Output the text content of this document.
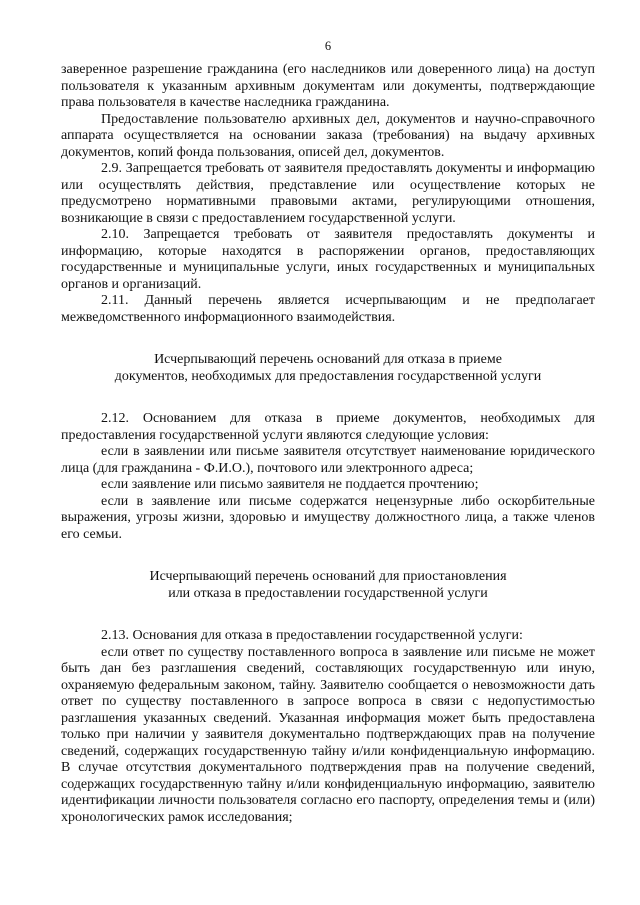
6

заверенное разрешение гражданина (его наследников или доверенного лица) на доступ пользователя к указанным архивным документам или документы, подтверждающие права пользователя в качестве наследника гражданина.

Предоставление пользователю архивных дел, документов и научно-справочного аппарата осуществляется на основании заказа (требования) на выдачу архивных документов, копий фонда пользования, описей дел, документов.

2.9. Запрещается требовать от заявителя предоставлять документы и информацию или осуществлять действия, представление или осуществление которых не предусмотрено нормативными правовыми актами, регулирующими отношения, возникающие в связи с предоставлением государственной услуги.

2.10. Запрещается требовать от заявителя предоставлять документы и информацию, которые находятся в распоряжении органов, предоставляющих государственные и муниципальные услуги, иных государственных и муниципальных органов и организаций.

2.11. Данный перечень является исчерпывающим и не предполагает межведомственного информационного взаимодействия.

Исчерпывающий перечень оснований для отказа в приеме
документов, необходимых для предоставления государственной услуги

2.12. Основанием для отказа в приеме документов, необходимых для предоставления государственной услуги являются следующие условия:

если в заявлении или письме заявителя отсутствует наименование юридического лица (для гражданина - Ф.И.О.), почтового или электронного адреса;

если заявление или письмо заявителя не поддается прочтению;

если в заявление или письме содержатся нецензурные либо оскорбительные выражения, угрозы жизни, здоровью и имуществу должностного лица, а также членов его семьи.

Исчерпывающий перечень оснований для приостановления
или отказа в предоставлении государственной услуги

2.13. Основания для отказа в предоставлении государственной услуги:

если ответ по существу поставленного вопроса в заявление или письме не может быть дан без разглашения сведений, составляющих государственную или иную, охраняемую федеральным законом, тайну. Заявителю сообщается о невозможности дать ответ по существу поставленного в запросе вопроса в связи с недопустимостью разглашения указанных сведений. Указанная информация может быть предоставлена только при наличии у заявителя документально подтверждающих прав на получение сведений, содержащих государственную тайну и/или конфиденциальную информацию. В случае отсутствия документального подтверждения прав на получение сведений, содержащих государственную тайну и/или конфиденциальную информацию, заявителю идентификации личности пользователя согласно его паспорту, определения темы и (или) хронологических рамок исследования;
